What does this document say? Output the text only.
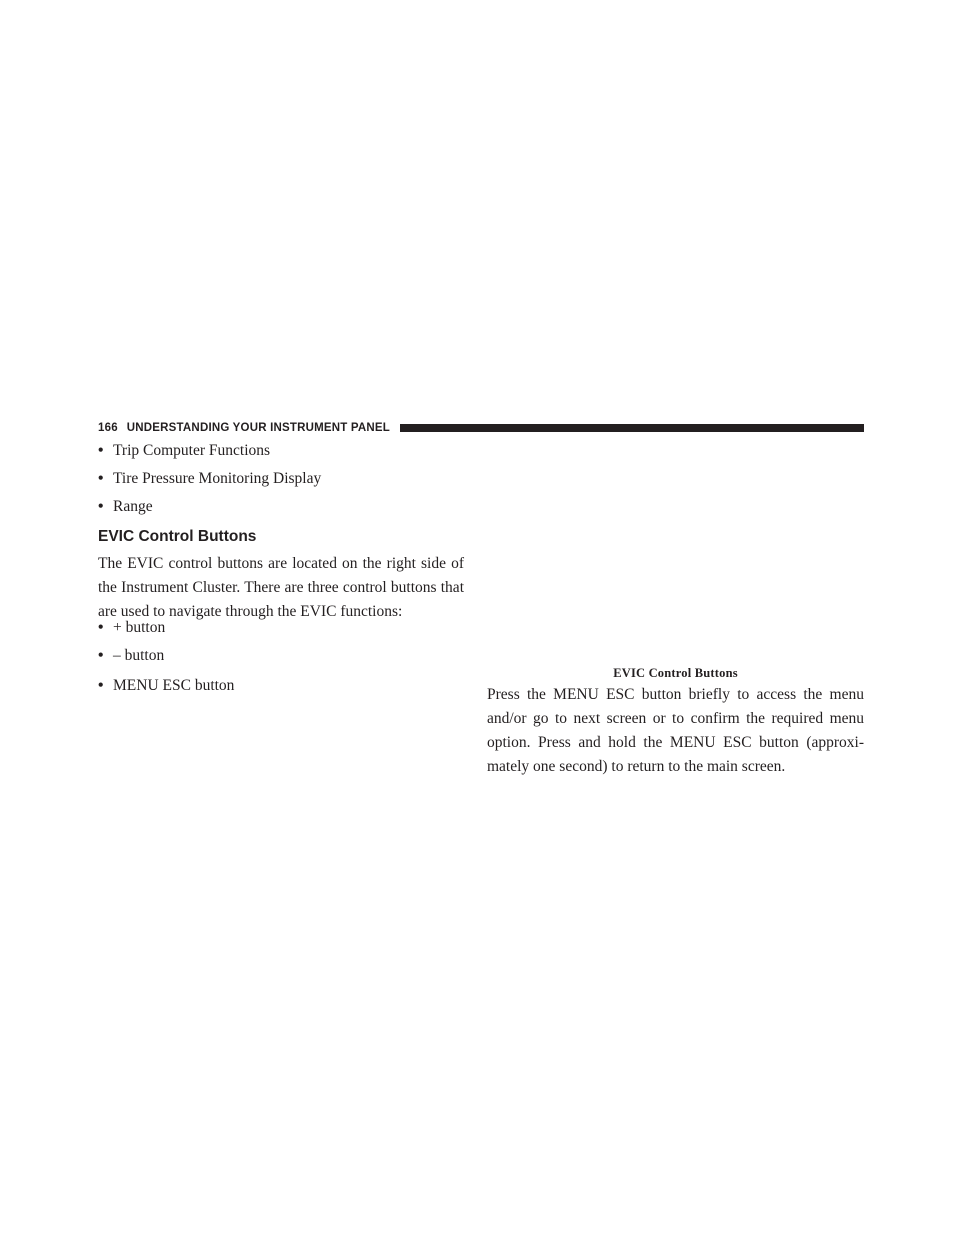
166 UNDERSTANDING YOUR INSTRUMENT PANEL
• Trip Computer Functions
• Tire Pressure Monitoring Display
• Range
EVIC Control Buttons
The EVIC control buttons are located on the right side of the Instrument Cluster. There are three control buttons that are used to navigate through the EVIC functions:
• + button
• – button
• MENU ESC button
EVIC Control Buttons
Press the MENU ESC button briefly to access the menu and/or go to next screen or to confirm the required menu option. Press and hold the MENU ESC button (approxi- mately one second) to return to the main screen.
